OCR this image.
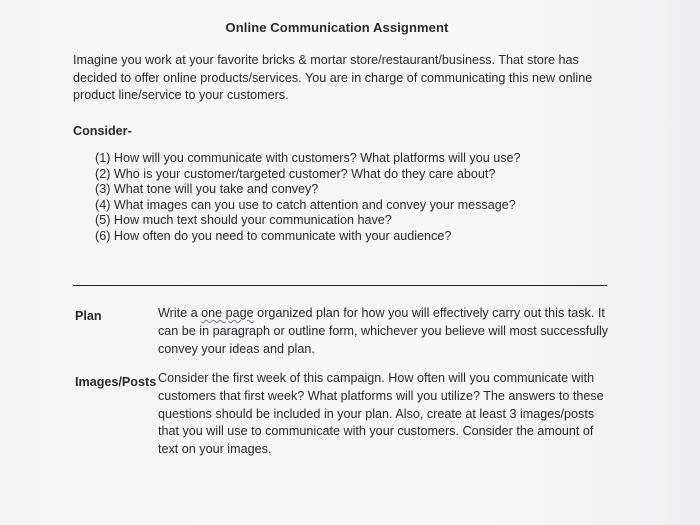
Online Communication Assignment
Imagine you work at your favorite bricks & mortar store/restaurant/business. That store has decided to offer online products/services. You are in charge of communicating this new online product line/service to your customers.
Consider-
(1) How will you communicate with customers? What platforms will you use?
(2) Who is your customer/targeted customer? What do they care about?
(3) What tone will you take and convey?
(4) What images can you use to catch attention and convey your message?
(5) How much text should your communication have?
(6) How often do you need to communicate with your audience?
Plan	Write a one page organized plan for how you will effectively carry out this task. It can be in paragraph or outline form, whichever you believe will most successfully convey your ideas and plan.
Images/Posts Consider the first week of this campaign. How often will you communicate with customers that first week? What platforms will you utilize? The answers to these questions should be included in your plan. Also, create at least 3 images/posts that you will use to communicate with your customers. Consider the amount of text on your images.
